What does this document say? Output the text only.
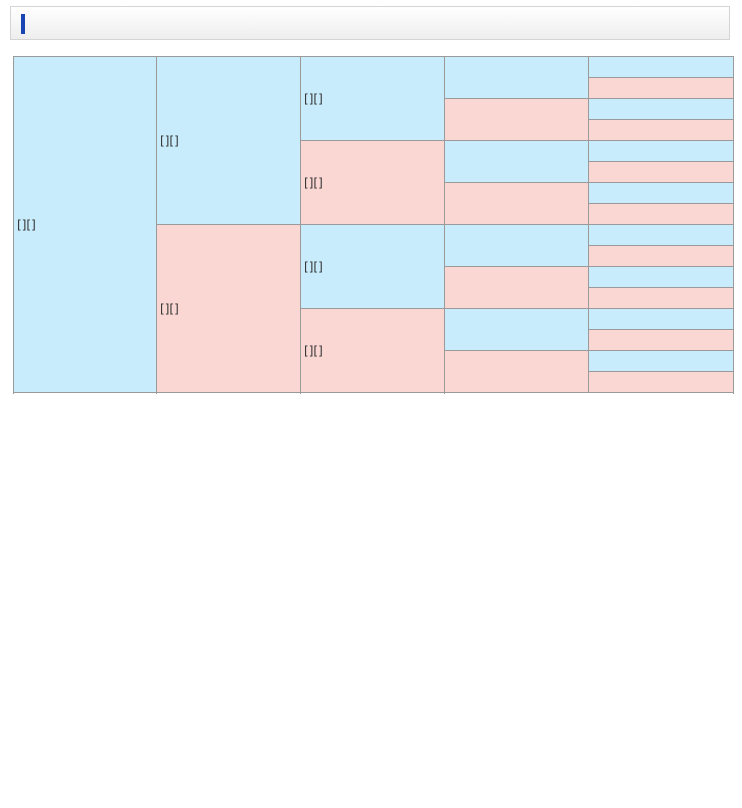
[][]	[][]	[][]			

		[][]			

	[][]	[][]

		[][]
